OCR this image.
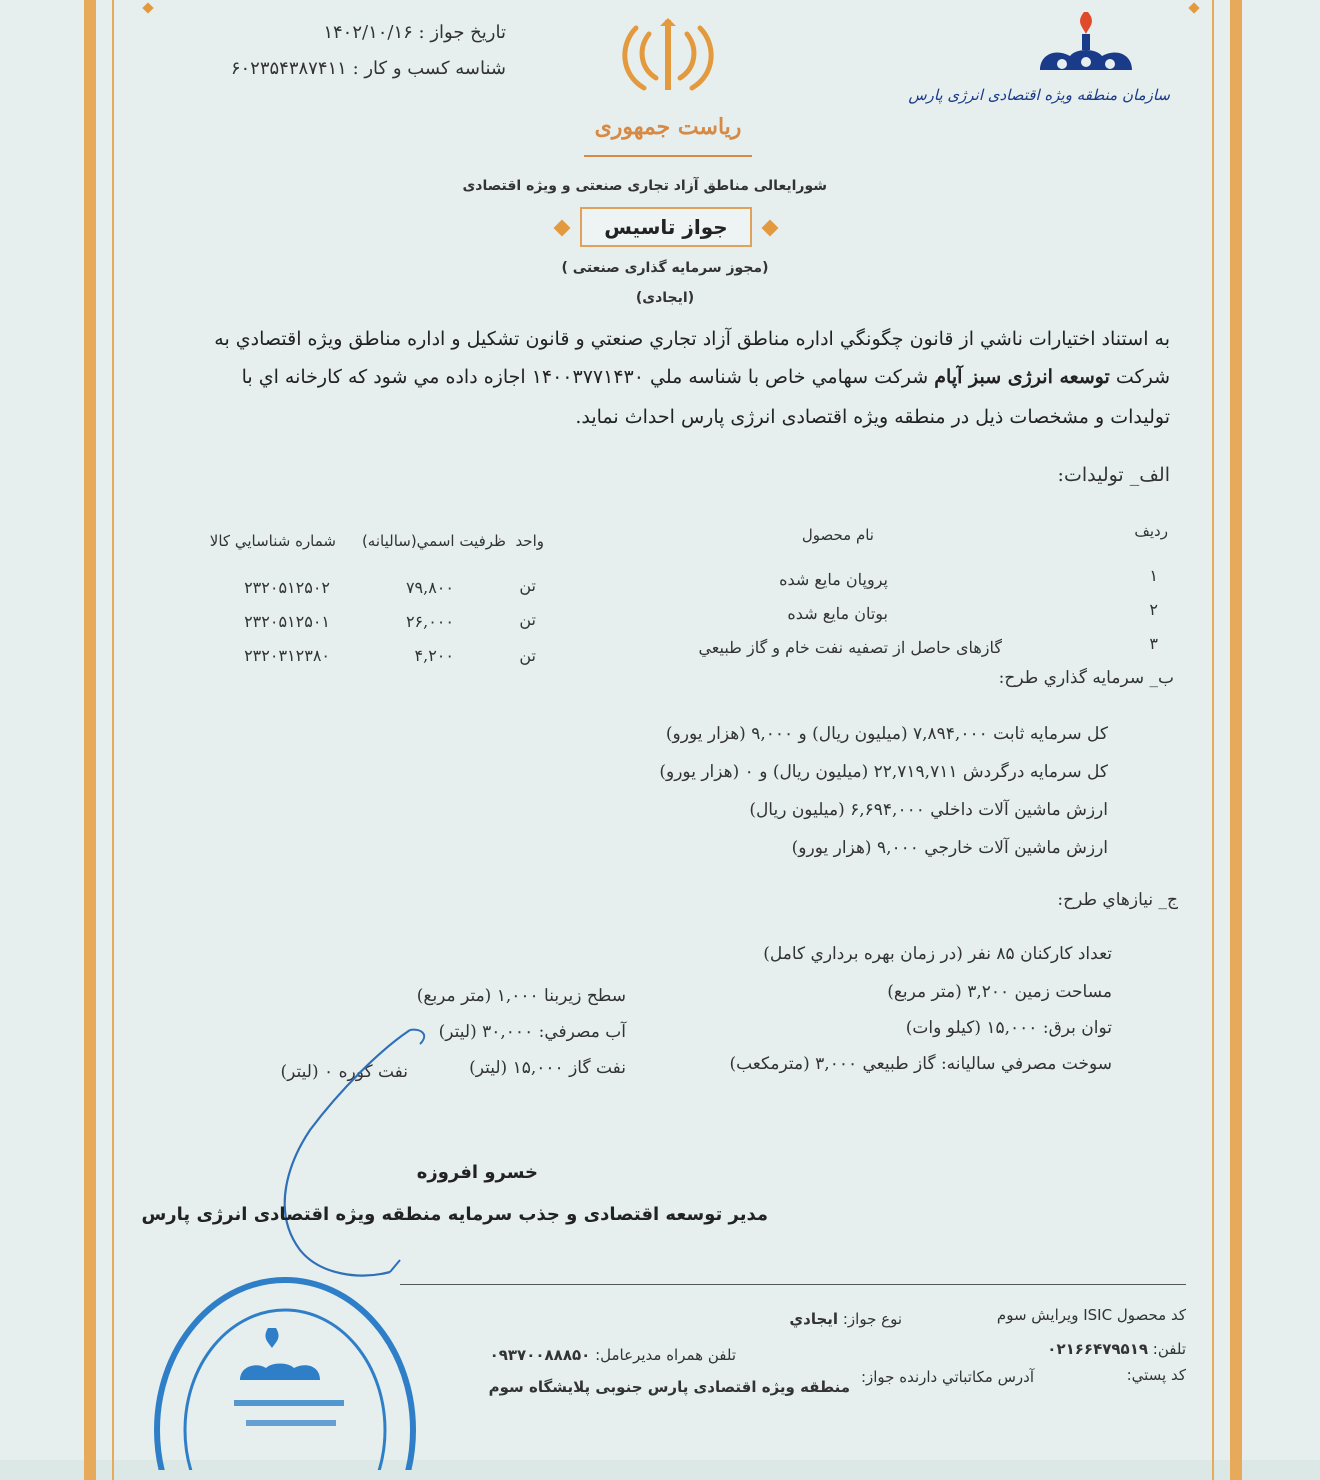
تاریخ جواز : ۱۴۰۲/۱۰/۱۶
شناسه کسب و کار : ۶۰۲۳۵۴۳۸۷۴۱۱
سازمان منطقه ویژه اقتصادی انرژی پارس
ریاست جمهوری
شورایعالی مناطق آزاد تجاری صنعتی و ویژه اقتصادی
جواز تاسیس
(مجوز سرمایه گذاری صنعتی )
(ایجادی)
به استناد اختيارات ناشي از قانون چگونگي اداره مناطق آزاد تجاري صنعتي و قانون تشكيل و اداره مناطق ويژه اقتصادي به
شركت توسعه انرژی سبز آپام شركت سهامي خاص با شناسه ملي ۱۴۰۰۳۷۷۱۴۳۰ اجازه داده مي شود كه كارخانه اي با
توليدات و مشخصات ذيل در منطقه ويژه اقتصادی انرژی پارس احداث نمايد.
الف_ توليدات:
رديف
نام محصول
واحد
ظرفيت اسمي(ساليانه)
شماره شناسايي كالا
۱
پروپان مايع شده
تن
۷۹,۸۰۰
۲۳۲۰۵۱۲۵۰۲
۲
بوتان مايع شده
تن
۲۶,۰۰۰
۲۳۲۰۵۱۲۵۰۱
۳
گازهای حاصل از تصفيه نفت خام و گاز طبيعي
تن
۴,۲۰۰
۲۳۲۰۳۱۲۳۸۰
ب_ سرمايه گذاري طرح:
كل سرمايه ثابت ۷,۸۹۴,۰۰۰ (ميليون ريال) و ۹,۰۰۰ (هزار يورو)
كل سرمايه درگردش ۲۲,۷۱۹,۷۱۱ (ميليون ريال) و ۰ (هزار يورو)
ارزش ماشين آلات داخلي ۶,۶۹۴,۰۰۰ (ميليون ريال)
ارزش ماشين آلات خارجي ۹,۰۰۰ (هزار يورو)
ج_ نيازهاي طرح:
تعداد كاركنان ۸۵ نفر (در زمان بهره برداري كامل)
مساحت زمين ۳,۲۰۰ (متر مربع)
توان برق: ۱۵,۰۰۰ (كيلو وات)
سوخت مصرفي ساليانه: گاز طبيعي ۳,۰۰۰ (مترمكعب)
سطح زيربنا ۱,۰۰۰ (متر مربع)
آب مصرفي: ۳۰,۰۰۰ (ليتر)
نفت گاز ۱۵,۰۰۰ (ليتر)
نفت كوره ۰ (ليتر)
خسرو افروزه
مدير توسعه اقتصادی و جذب سرمايه منطقه ويژه اقتصادی انرژی پارس
كد محصول ISIC ويرايش سوم
نوع جواز: ايجادي
تلفن: ۰۲۱۶۶۴۷۹۵۱۹
تلفن همراه مديرعامل: ۰۹۳۷۰۰۸۸۸۵۰
كد پستي:
آدرس مكاتباتي دارنده جواز:
منطقه ويژه اقتصادی پارس جنوبی پلايشگاه سوم
